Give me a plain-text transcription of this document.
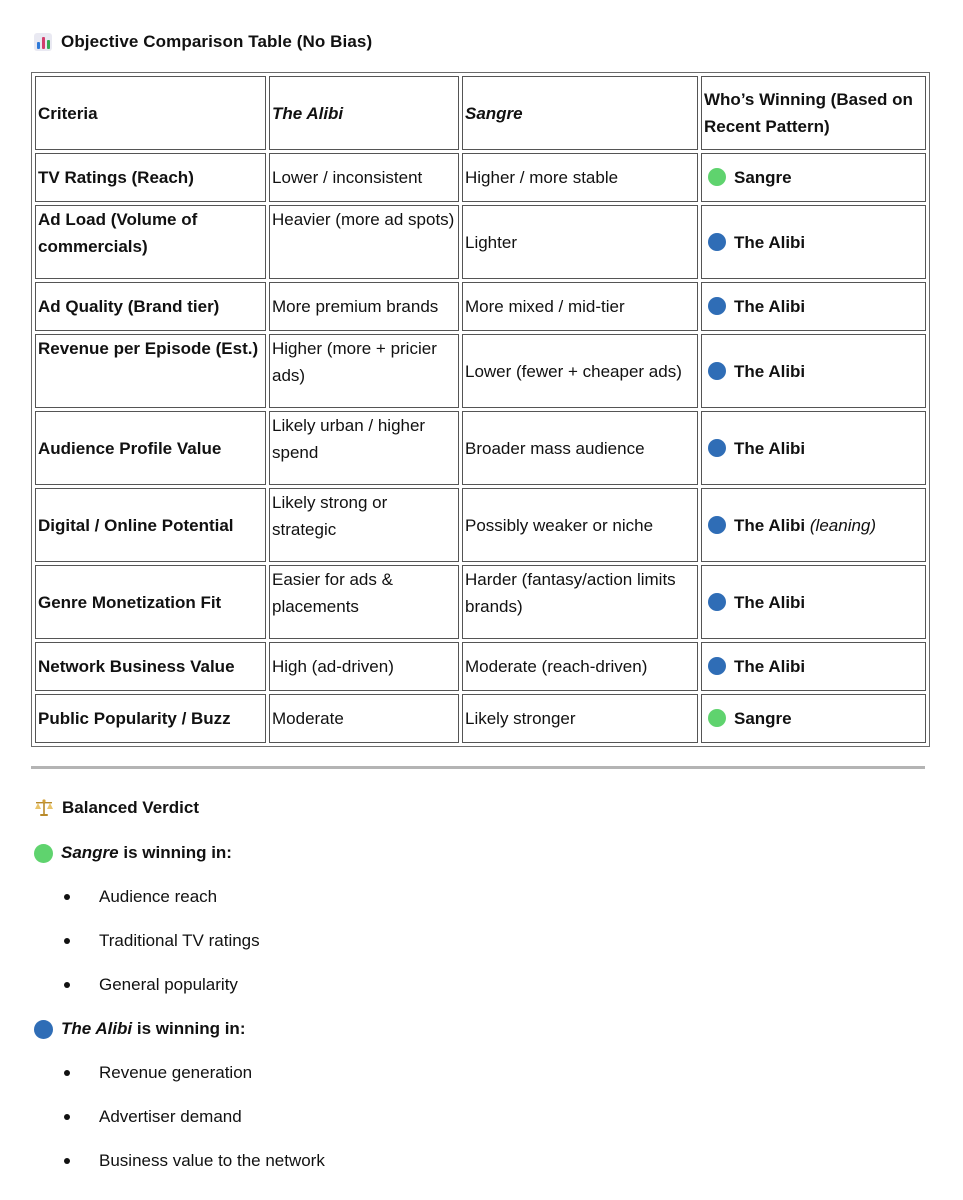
Objective Comparison Table (No Bias)
Criteria	The Alibi	Sangre	Who’s Winning (Based on Recent Pattern)
TV Ratings (Reach)	Lower / inconsistent	Higher / more stable	Sangre
Ad Load (Volume of commercials)	Heavier (more ad spots)	Lighter	The Alibi
Ad Quality (Brand tier)	More premium brands	More mixed / mid-tier	The Alibi
Revenue per Episode (Est.)	Higher (more + pricier ads)	Lower (fewer + cheaper ads)	The Alibi
Audience Profile Value	Likely urban / higher spend	Broader mass audience	The Alibi
Digital / Online Potential	Likely strong or strategic	Possibly weaker or niche	The Alibi (leaning)
Genre Monetization Fit	Easier for ads & placements	Harder (fantasy/action limits brands)	The Alibi
Network Business Value	High (ad-driven)	Moderate (reach-driven)	The Alibi
Public Popularity / Buzz	Moderate	Likely stronger	Sangre
Balanced Verdict
Sangre is winning in:
Audience reach
Traditional TV ratings
General popularity
The Alibi is winning in:
Revenue generation
Advertiser demand
Business value to the network
